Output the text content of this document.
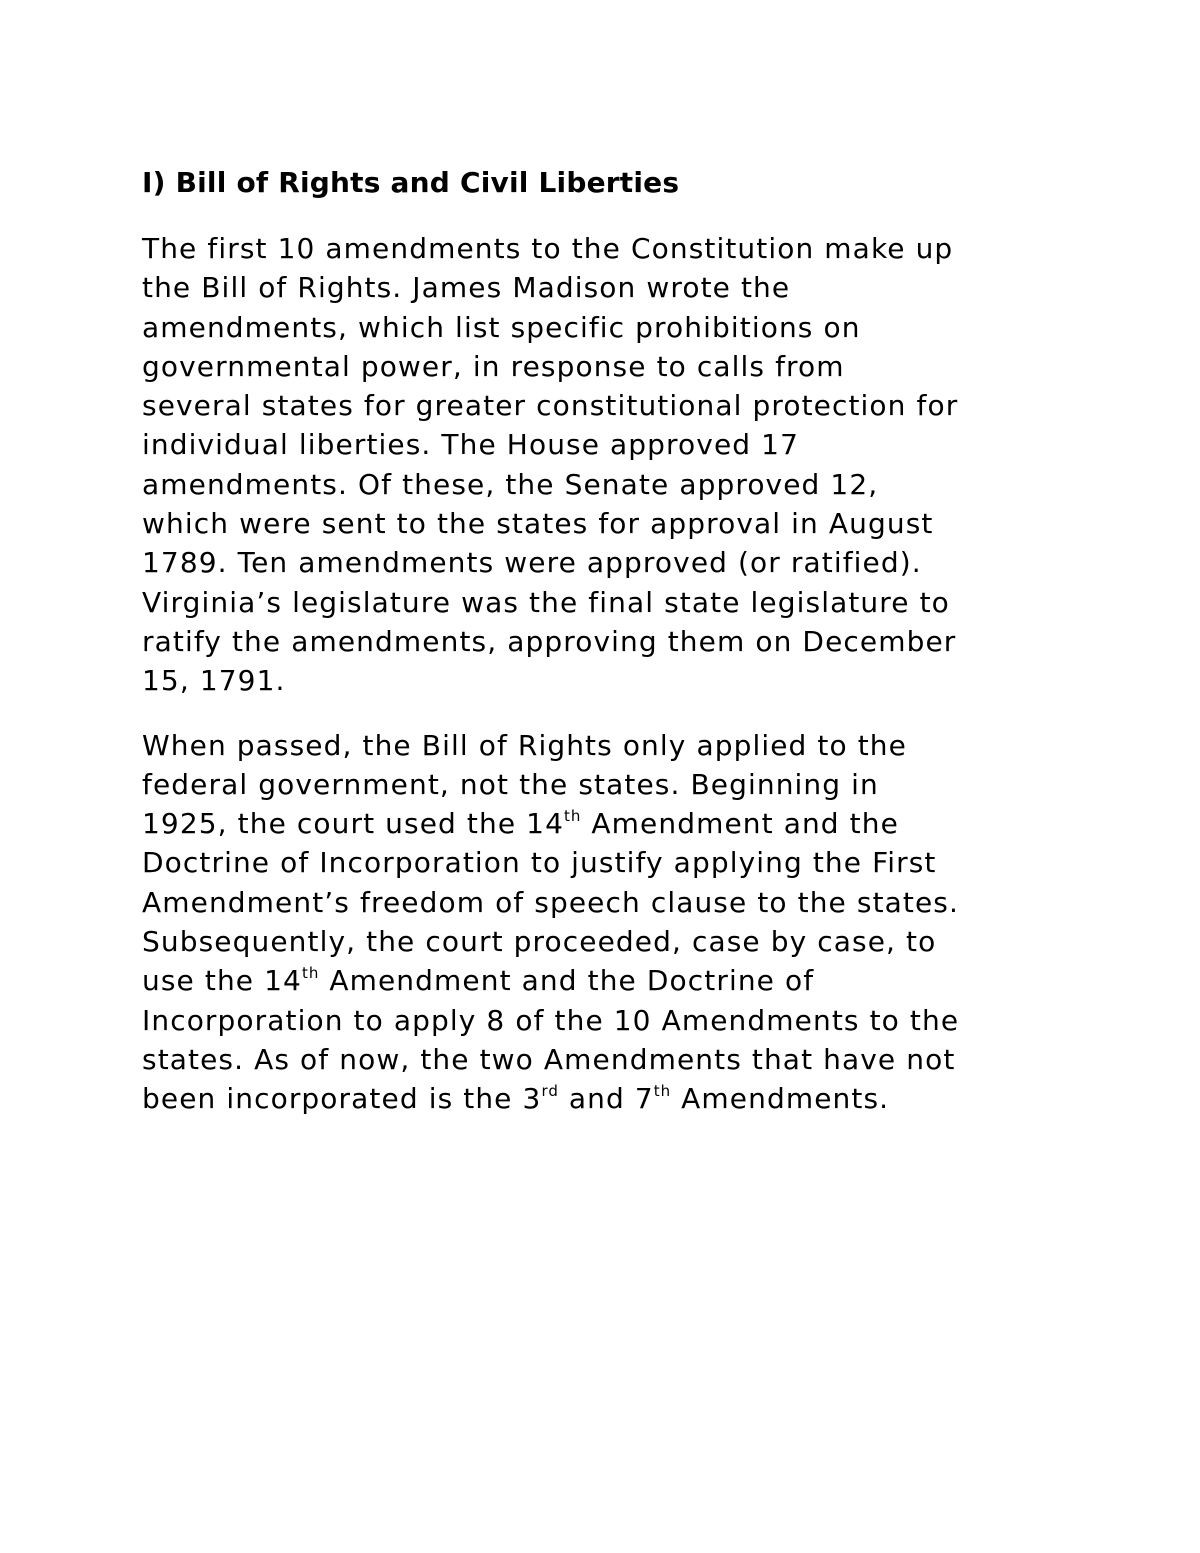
I) Bill of Rights and Civil Liberties
The first 10 amendments to the Constitution make up
the Bill of Rights. James Madison wrote the
amendments, which list specific prohibitions on
governmental power, in response to calls from
several states for greater constitutional protection for
individual liberties. The House approved 17
amendments. Of these, the Senate approved 12,
which were sent to the states for approval in August
1789. Ten amendments were approved (or ratified).
Virginia’s legislature was the final state legislature to
ratify the amendments, approving them on December
15, 1791.
When passed, the Bill of Rights only applied to the
federal government, not the states. Beginning in
1925, the court used the 14th Amendment and the
Doctrine of Incorporation to justify applying the First
Amendment’s freedom of speech clause to the states.
Subsequently, the court proceeded, case by case, to
use the 14th Amendment and the Doctrine of
Incorporation to apply 8 of the 10 Amendments to the
states. As of now, the two Amendments that have not
been incorporated is the 3rd and 7th Amendments.
